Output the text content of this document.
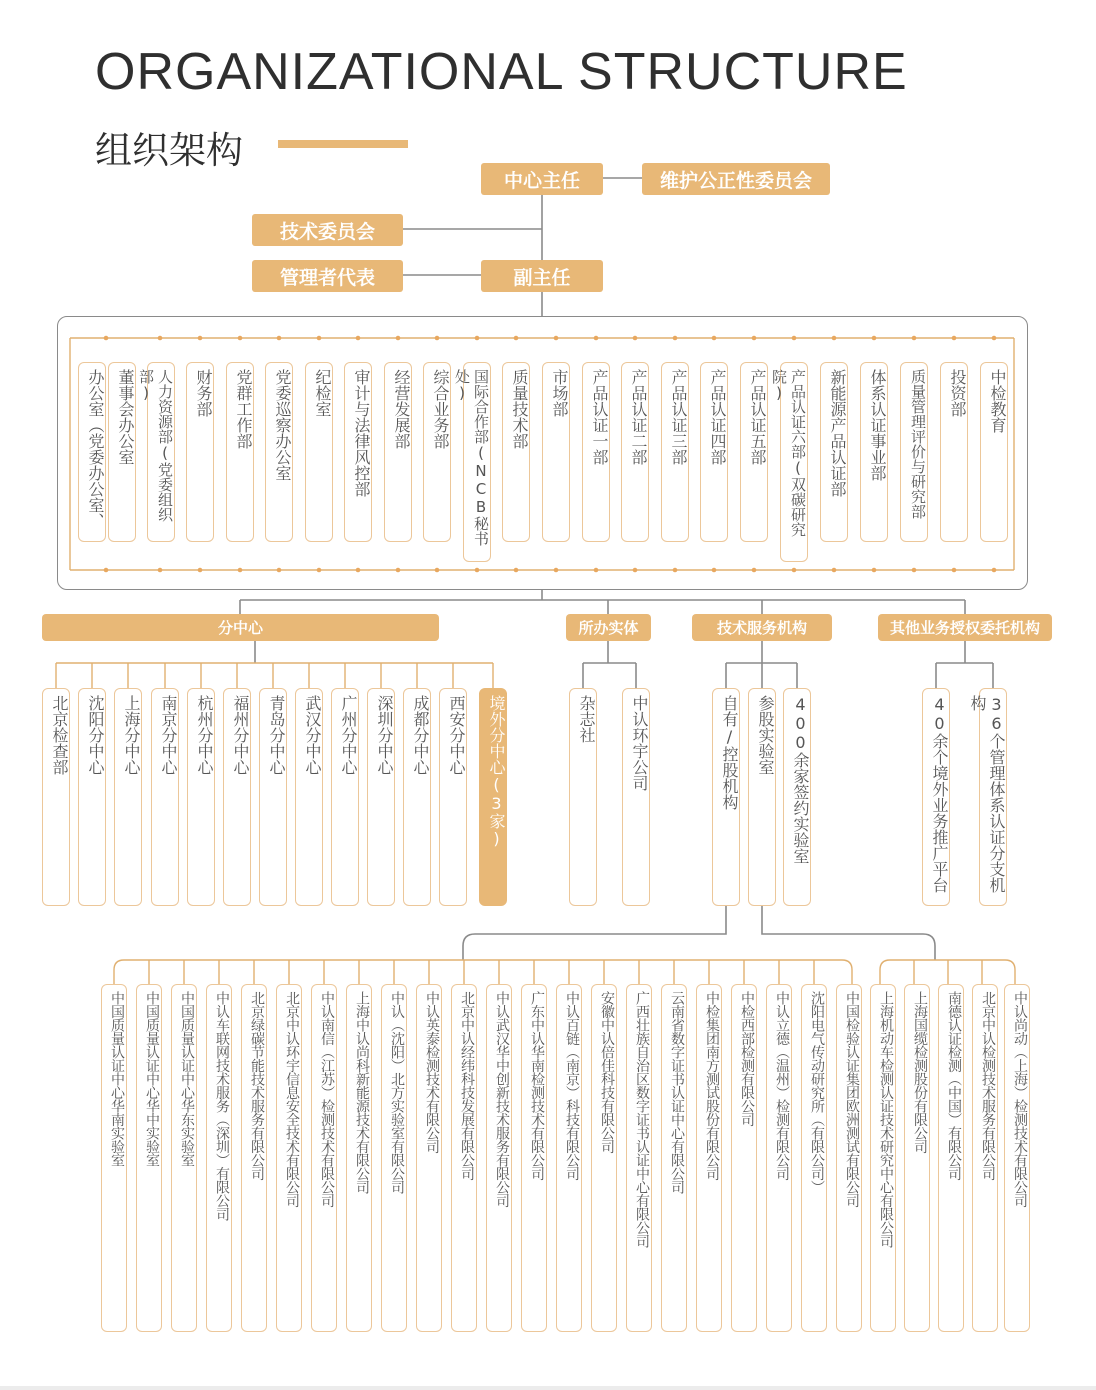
ORGANIZATIONAL STRUCTURE
组织架构
中心主任	维护公正性委员会
技术委员会
管理者代表	副主任
董事会办公室
办公室（党委办公室、	人力资源部(党委组织部)	财务部	党群工作部	党委巡察办公室	纪检室	审计与法律风控部	经营发展部	综合业务部	国际合作部(NCB秘书处)	质量技术部	市场部	产品认证一部	产品认证二部	产品认证三部	产品认证四部	产品认证五部	产品认证六部(双碳研究院)	新能源产品认证部	体系认证事业部	质量管理评价与研究部	投资部	中检教育
分中心	所办实体	技术服务机构	其他业务授权委托机构
北京检查部	沈阳分中心	上海分中心	南京分中心	杭州分中心	福州分中心	青岛分中心	武汉分中心	广州分中心	深圳分中心	成都分中心	西安分中心	境外分中心(3家)	杂志社	中认环宇公司	自有/控股机构	参股实验室	400余家签约实验室	40余个境外业务推广平台	36个管理体系认证分支机构
中国质量认证中心华南实验室	中国质量认证中心华中实验室	中国质量认证中心华东实验室	中认车联网技术服务（深圳）有限公司	北京绿碳节能技术服务有限公司	北京中认环宇信息安全技术有限公司	中认南信（江苏）检测技术有限公司	上海中认尚科新能源技术有限公司	中认（沈阳）北方实验室有限公司	中认英泰检测技术有限公司	北京中认经纬科技发展有限公司	中认武汉华中创新技术服务有限公司	广东中认华南检测技术有限公司	中认百链（南京）科技有限公司	安徽中认倍佳科技有限公司	广西壮族自治区数字证书认证中心有限公司	云南省数字证书认证中心有限公司	中检集团南方测试股份有限公司	中检西部检测有限公司	中认立德（温州）检测有限公司	沈阳电气传动研究所（有限公司）	中国检验认证集团欧洲测试有限公司	上海机动车检测认证技术研究中心有限公司	上海国缆检测股份有限公司	南德认证检测（中国）有限公司	北京中认检测技术服务有限公司	中认尚动（上海）检测技术有限公司
